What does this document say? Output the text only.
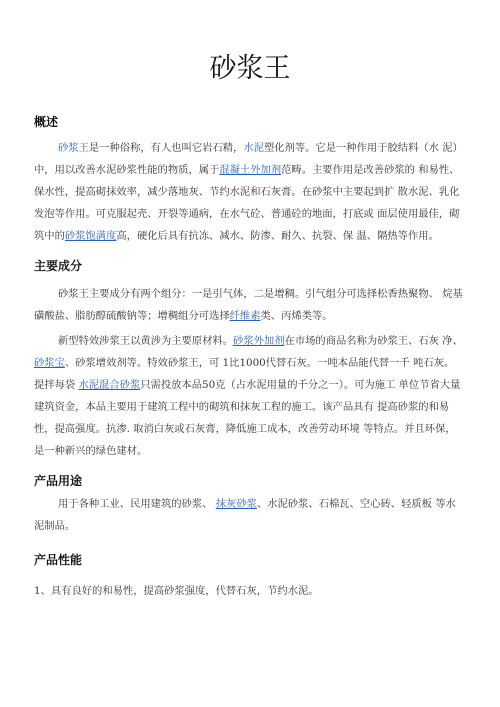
砂浆王
概述
砂浆王是一种俗称，有人也叫它岩石精，水泥塑化剂等。它是一种作用于胶结料（水 泥）中，用以改善水泥砂浆性能的物质，属于混凝土外加剂范畴。主要作用是改善砂浆的 和易性、保水性，提高砌抹效率，减少落地灰、节约水泥和石灰膏。在砂浆中主要起到扩 散水泥、乳化发泡等作用。可克服起壳、开裂等通病，在水气砼、普通砼的地面，打底或 面层使用最佳，砌筑中的砂浆饱满度高，硬化后具有抗冻、减水、防渗、耐久、抗裂、保 温、隔热等作用。
主要成分
砂浆王主要成分有两个组分：一是引气体，二是增稠。引气组分可选择松香热聚物、 烷基磺酸盐、脂肪醇硫酸钠等；增稠组分可选择纤维素类、丙烯类等。
新型特效涉浆王以黄涉为主要原材料。砂浆外加剂在市场的商品名称为砂浆王、石灰 净、砂浆宝、砂浆增效剂等。特效砂浆王，可 1比1000代替石灰。一吨本品能代替一千 吨石灰。提拌每袋 水泥混合砂浆只需投放本品50克（占水泥用量的千分之一）。可为施工 单位节省大量建筑资金，本品主要用于建筑工程中的砌筑和抹灰工程的施工。该产品具有 提高砂浆的和易性，提高强度。抗渗. 取消白灰或石灰膏，降低施工成本，改善劳动环境 等特点。并且环保，是一种新兴的绿色建材。
产品用途
用于各种工业、民用建筑的砂浆、 抹灰砂浆、水泥砂浆、石棉瓦、空心砖、轻质板 等水泥制品。
产品性能
1、具有良好的和易性，提高砂浆强度，代替石灰，节约水泥。
